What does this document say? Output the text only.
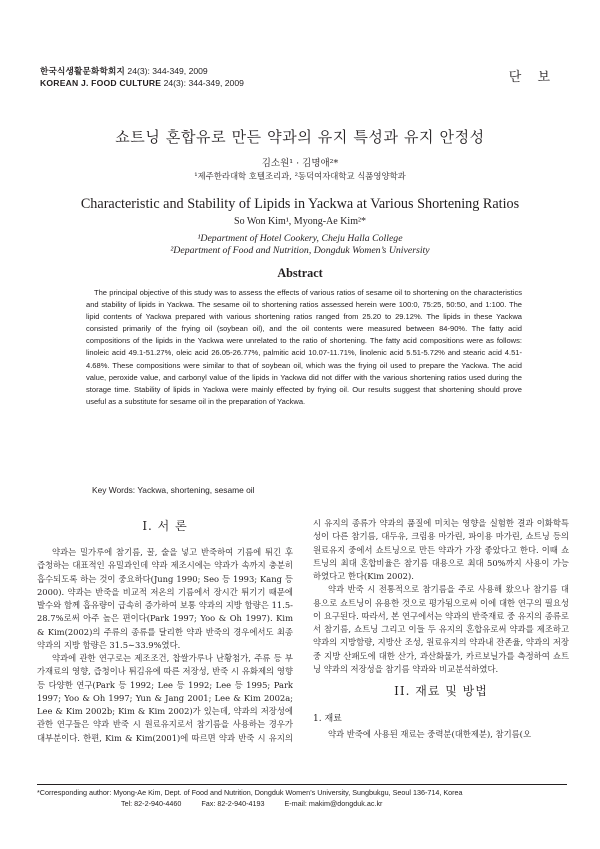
한국식생활문화학회지 24(3): 344-349, 2009
KOREAN J. FOOD CULTURE 24(3): 344-349, 2009	단 보
쇼트닝 혼합유로 만든 약과의 유지 특성과 유지 안정성
김소원¹ · 김명애²*
¹제주한라대학 호텔조리과, ²동덕여자대학교 식품영양학과
Characteristic and Stability of Lipids in Yackwa at Various Shortening Ratios
So Won Kim¹, Myong-Ae Kim²*
¹Department of Hotel Cookery, Cheju Halla College
²Department of Food and Nutrition, Dongduk Women’s University
Abstract
The principal objective of this study was to assess the effects of various ratios of sesame oil to shortening on the characteristics and stability of lipids in Yackwa. The sesame oil to shortening ratios assessed herein were 100:0, 75:25, 50:50, and 1:100. The lipid contents of Yackwa prepared with various shortening ratios ranged from 25.20 to 29.12%. The lipids in these Yackwa consisted primarily of the frying oil (soybean oil), and the oil contents were measured between 84-90%. The fatty acid compositions of the lipids in the Yackwa were unrelated to the ratio of shortening. The fatty acid compositions were as follows: linoleic acid 49.1-51.27%, oleic acid 26.05-26.77%, palmitic acid 10.07-11.71%, linolenic acid 5.51-5.72% and stearic acid 4.51-4.68%. These compositions were similar to that of soybean oil, which was the frying oil used to prepare the Yackwa. The acid value, peroxide value, and carbonyl value of the lipids in Yackwa did not differ with the various shortening ratios used during the storage time. Stability of lipids in Yackwa were mainly effected by frying oil. Our results suggest that shortening should prove useful as a substitute for sesame oil in the preparation of Yackwa.
Key Words: Yackwa, shortening, sesame oil
I. 서 론

약과는 밀가루에 참기름, 꿀, 술을 넣고 반죽하여 기름에 튀긴 후 즙청하는 대표적인 유밀과인데 약과 제조시에는 약과가 속까지 충분히 흡수되도록 하는 것이 중요하다(Jung 1990; Seo 등 1993; Kang 등 2000). 약과는 반죽을 비교적 저온의 기름에서 장시간 튀기기 때문에 발수와 함께 흡유량이 급속히 증가하여 보통 약과의 지방 함량은 11.5-28.7%로써 아주 높은 편이다(Park 1997; Yoo & Oh 1997). Kim & Kim(2002)의 주류의 종류를 달리한 약과 반죽의 경우에서도 최종 약과의 지방 함량은 31.5∼33.9%였다.

약과에 관한 연구로는 제조조건, 찹쌀가루나 난황첨가, 주류 등 부가재료의 영향, 즙청이나 튀김유에 따른 저장성, 반죽 시 유화제의 영향 등 다양한 연구(Park 등 1992; Lee 등 1992; Lee 등 1995; Park 1997; Yoo & Oh 1997; Yun & Jang 2001; Lee & Kim 2002a; Lee & Kim 2002b; Kim & Kim 2002)가 있는데, 약과의 저장성에 관한 연구들은 약과 반죽 시 원료유지로서 참기름을 사용하는 경우가 대부분이다. 한편, Kim & Kim(2001)에 따르면 약과 반죽 시 유지의

시 유지의 종류가 약과의 품질에 미치는 영향을 실험한 결과 이화학특성이 다른 참기름, 대두유, 크림용 마가린, 파이용 마가린, 쇼트닝 등의 원료유지 중에서 쇼트닝으로 만든 약과가 가장 좋았다고 한다. 이때 쇼트닝의 최대 혼합비율은 참기름 대용으로 최대 50%까지 사용이 가능하였다고 한다(Kim 2002).

약과 반죽 시 전통적으로 참기름을 주로 사용해 왔으나 참기름 대용으로 쇼트닝이 유용한 것으로 평가됨으로써 이에 대한 연구의 필요성이 요구된다. 따라서, 본 연구에서는 약과의 반죽재료 중 유지의 종류로서 참기름, 쇼트닝 그리고 이들 두 유지의 혼합유로써 약과를 제조하고 약과의 지방함량, 지방산 조성, 원료유지의 약과내 잔존율, 약과의 저장 중 지방 산패도에 대한 산가, 과산화물가, 카르보닐가를 측정하여 쇼트닝 약과의 저장성을 참기름 약과와 비교분석하였다.

II. 재료 및 방법
1. 재료

약과 반죽에 사용된 재료는 중력분(대한제분), 참기름(오

*Corresponding author: Myong-Ae Kim, Dept. of Food and Nutrition, Dongduk Women’s University, Sungbukgu, Seoul 136-714, Korea
Tel: 82-2-940-4460	Fax: 82-2-940-4193	E-mail: makim@dongduk.ac.kr
